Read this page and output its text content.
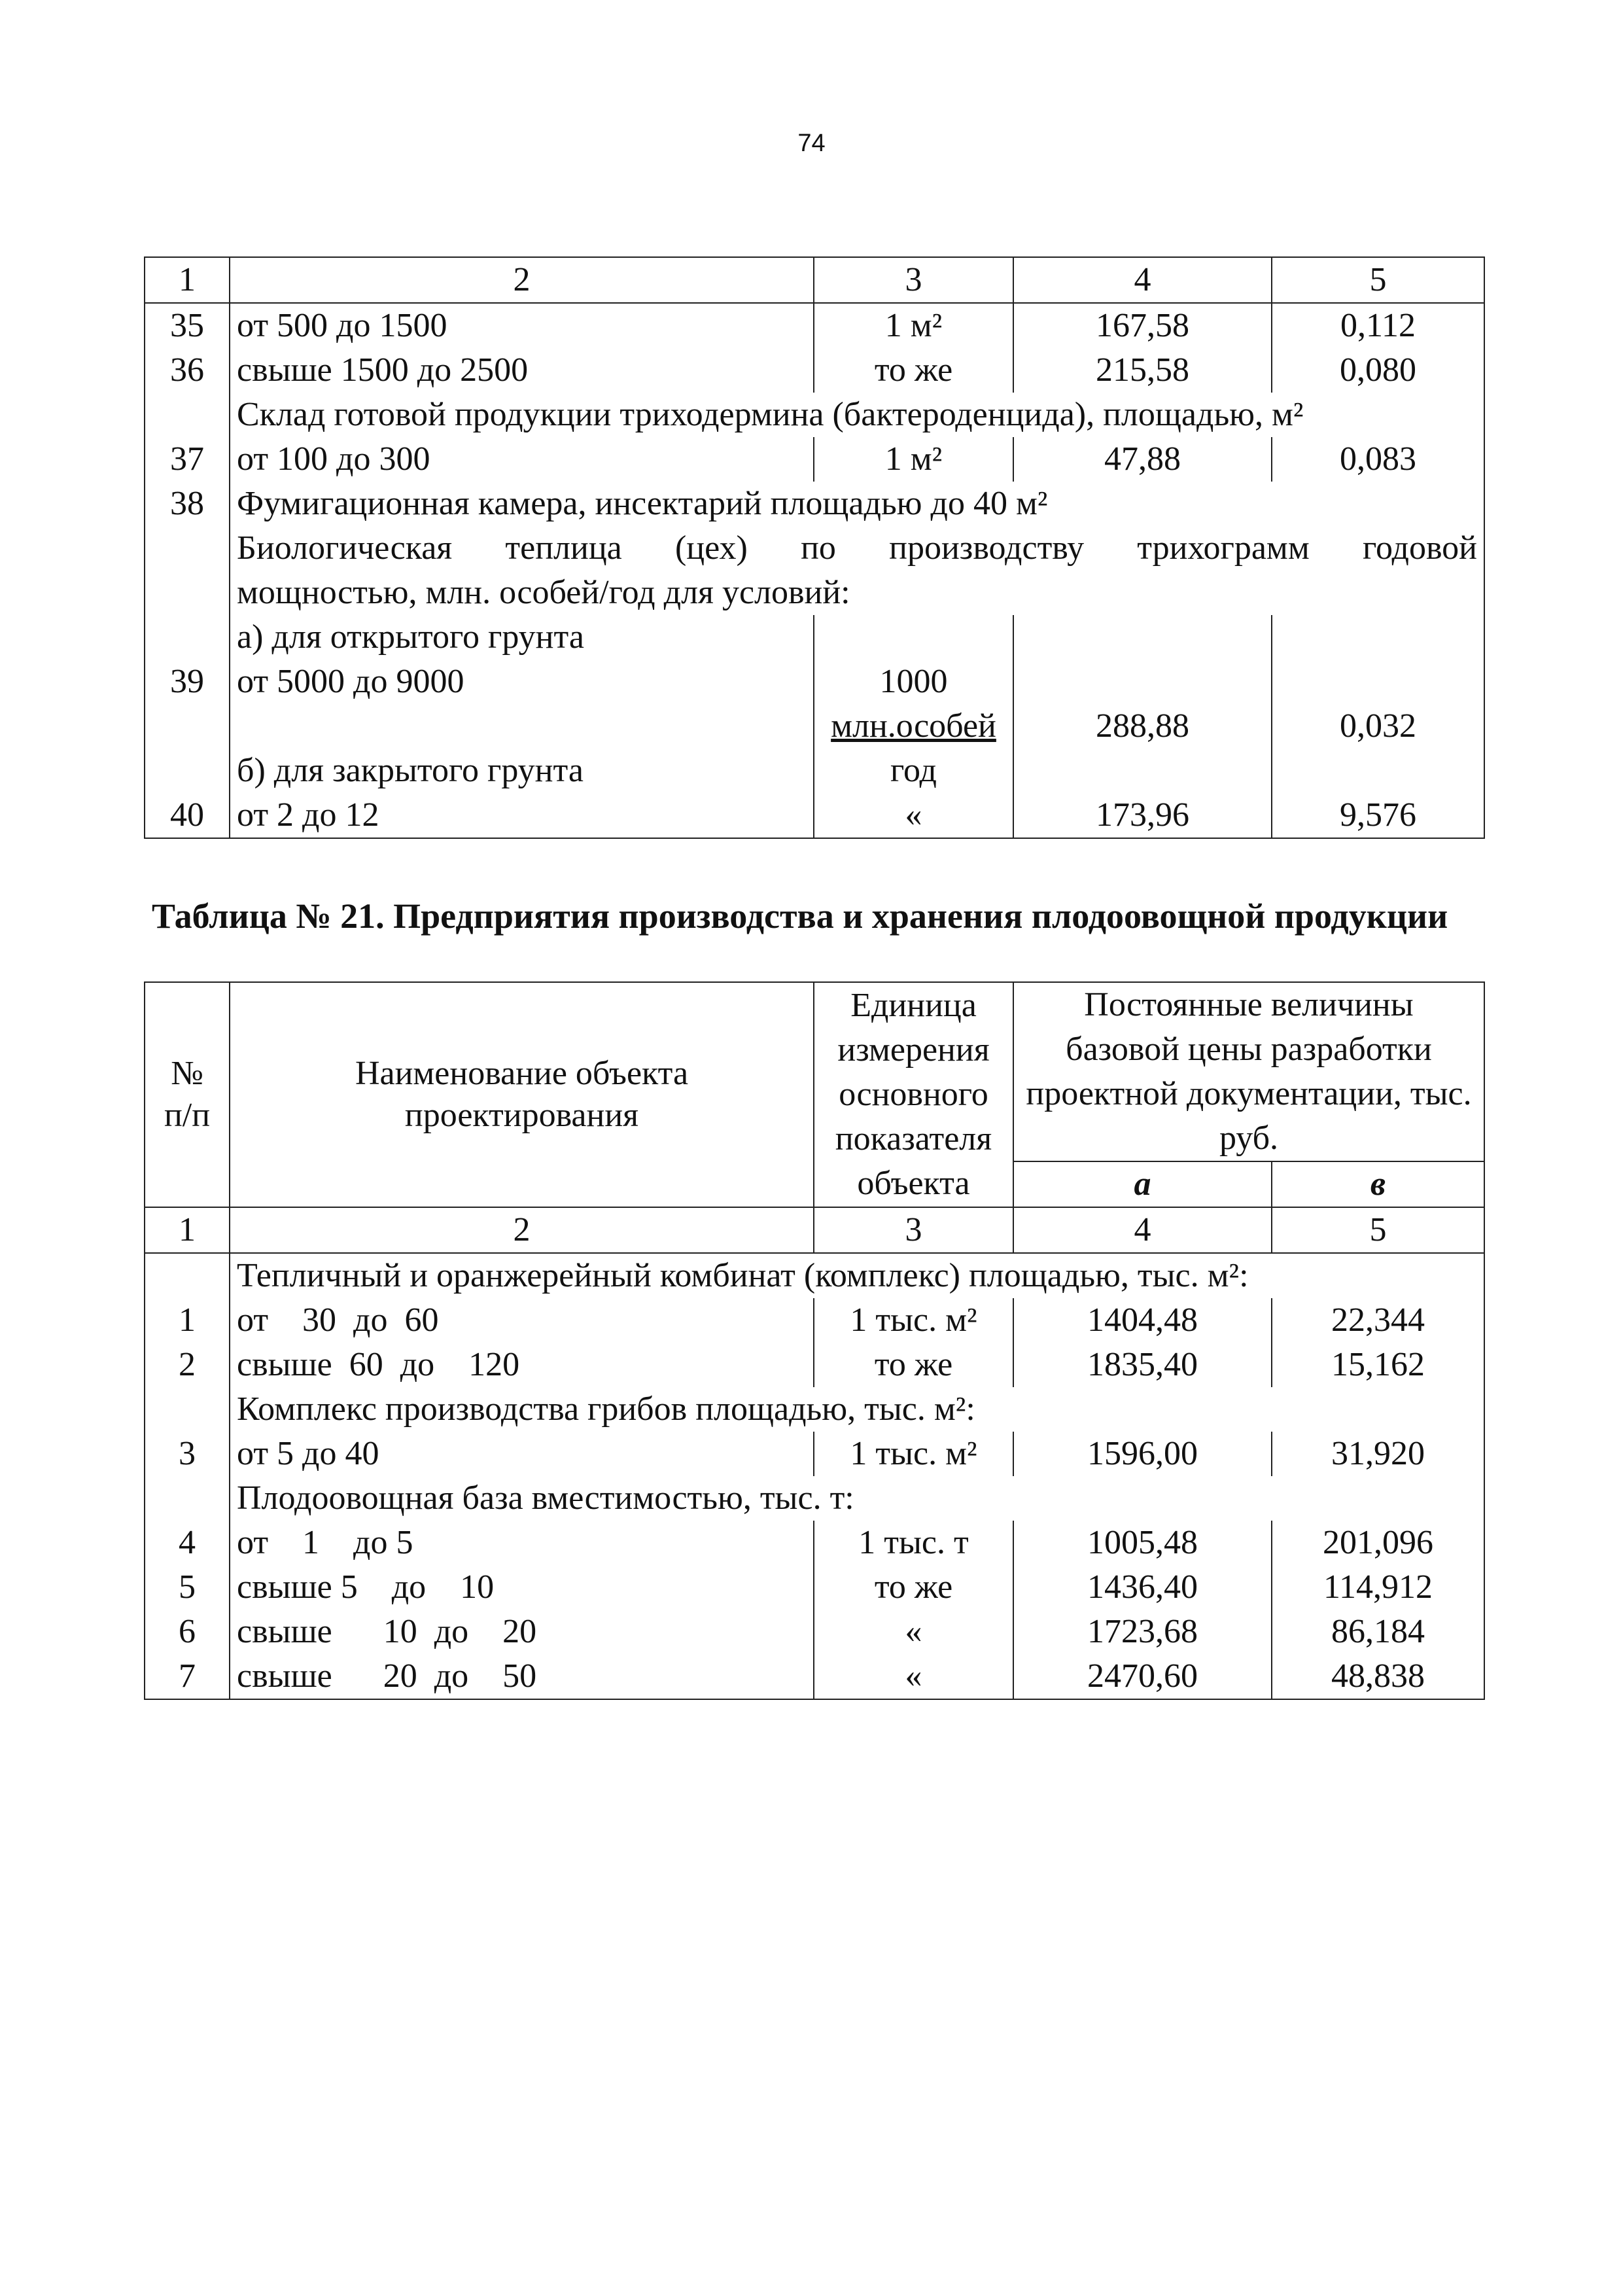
74
1	2	3	4	5
35	от 500 до 1500	1 м²	167,58	0,112
36	свыше 1500 до 2500	то же	215,58	0,080
	Склад готовой продукции триходермина (бактероденцида), площадью, м²			
37	от 100 до 300	1 м²	47,88	0,083
38	Фумигационная камера, инсектарий площадью до 40 м²			
	Биологическая теплица (цех) по производству трихограмм годовой			
	мощностью, млн. особей/год для условий:			
	а) для открытого грунта			
39	от 5000 до 9000	1000		
		млн.особей	288,88	0,032
	б) для закрытого грунта	год		
40	от 2 до 12	«	173,96	9,576
Таблица № 21. Предприятия производства и хранения плодоовощной продукции
№
п/п	Наименование объекта проектирования	Единица измерения основного показателя объекта	Постоянные величины базовой цены разработки проектной документации, тыс. руб.	
			а	в
1	2	3	4	5
	Тепличный и оранжерейный комбинат (комплекс) площадью, тыс. м²:			
1	от    30  до  60	1 тыс. м²	1404,48	22,344
2	свыше  60  до    120	то же	1835,40	15,162
	Комплекс производства грибов площадью, тыс. м²:			
3	от 5 до 40	1 тыс. м²	1596,00	31,920
	Плодоовощная база вместимостью, тыс. т:			
4	от    1    до 5	1 тыс. т	1005,48	201,096
5	свыше 5    до    10	то же	1436,40	114,912
6	свыше      10  до    20	«	1723,68	86,184
7	свыше      20  до    50	«	2470,60	48,838
